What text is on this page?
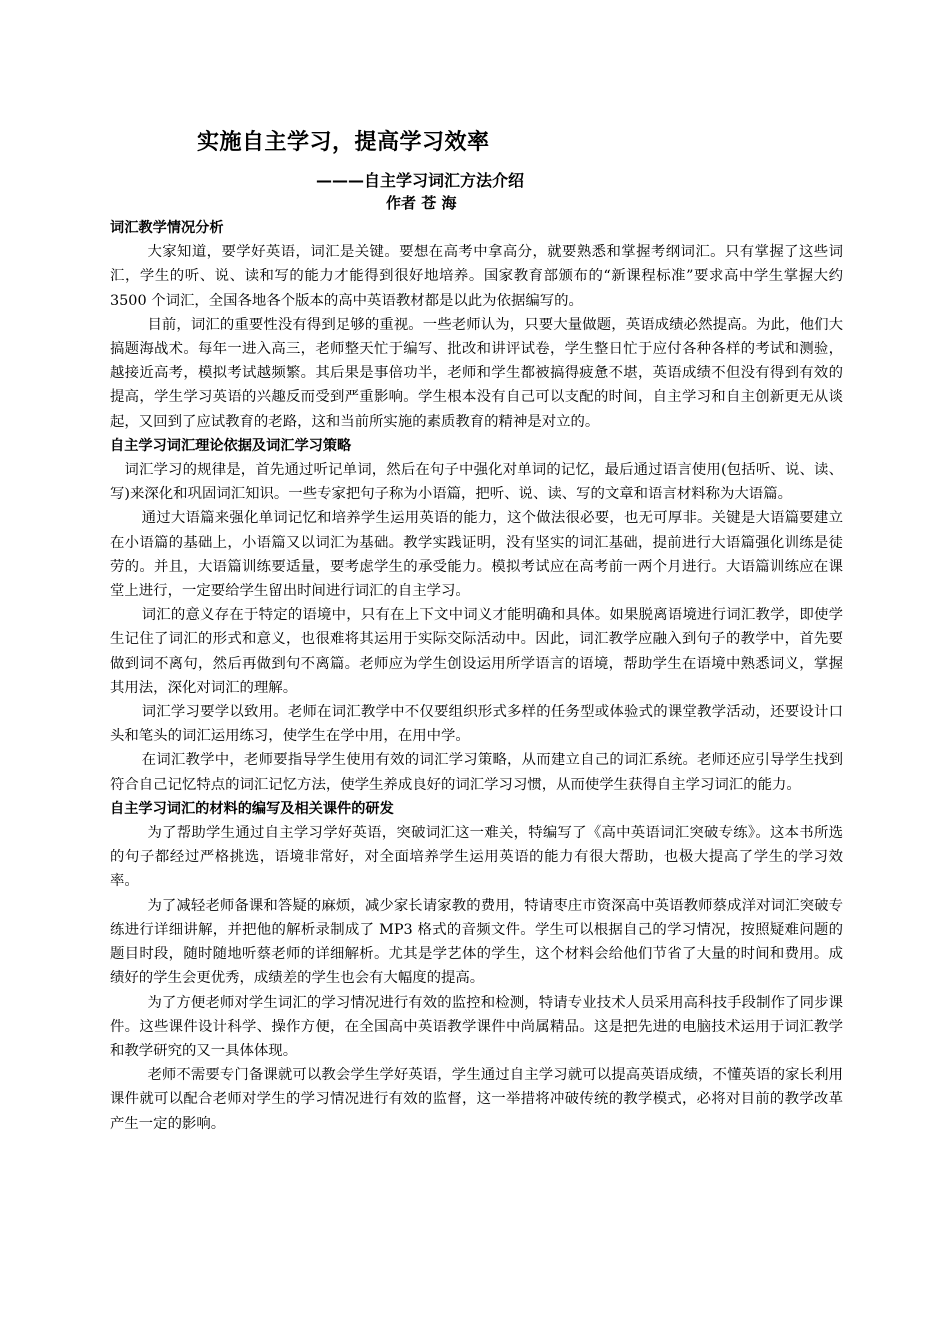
实施自主学习，提高学习效率
———自主学习词汇方法介绍
作者 苍 海
词汇教学情况分析

大家知道，要学好英语，词汇是关键。要想在高考中拿高分，就要熟悉和掌握考纲词汇。只有掌握了这些词汇，学生的听、说、读和写的能力才能得到很好地培养。国家教育部颁布的“新课程标准”要求高中学生掌握大约 3500 个词汇，全国各地各个版本的高中英语教材都是以此为依据编写的。

目前，词汇的重要性没有得到足够的重视。一些老师认为，只要大量做题，英语成绩必然提高。为此，他们大搞题海战术。每年一进入高三，老师整天忙于编写、批改和讲评试卷，学生整日忙于应付各种各样的考试和测验，越接近高考，模拟考试越频繁。其后果是事倍功半，老师和学生都被搞得疲惫不堪，英语成绩不但没有得到有效的提高，学生学习英语的兴趣反而受到严重影响。学生根本没有自己可以支配的时间，自主学习和自主创新更无从谈起，又回到了应试教育的老路，这和当前所实施的素质教育的精神是对立的。

自主学习词汇理论依据及词汇学习策略

词汇学习的规律是，首先通过听记单词，然后在句子中强化对单词的记忆，最后通过语言使用(包括听、说、读、写)来深化和巩固词汇知识。一些专家把句子称为小语篇，把听、说、读、写的文章和语言材料称为大语篇。

通过大语篇来强化单词记忆和培养学生运用英语的能力，这个做法很必要，也无可厚非。关键是大语篇要建立在小语篇的基础上，小语篇又以词汇为基础。教学实践证明，没有坚实的词汇基础，提前进行大语篇强化训练是徒劳的。并且，大语篇训练要适量，要考虑学生的承受能力。模拟考试应在高考前一两个月进行。大语篇训练应在课堂上进行，一定要给学生留出时间进行词汇的自主学习。

词汇的意义存在于特定的语境中，只有在上下文中词义才能明确和具体。如果脱离语境进行词汇教学，即使学生记住了词汇的形式和意义，也很难将其运用于实际交际活动中。因此，词汇教学应融入到句子的教学中，首先要做到词不离句，然后再做到句不离篇。老师应为学生创设运用所学语言的语境，帮助学生在语境中熟悉词义，掌握其用法，深化对词汇的理解。

词汇学习要学以致用。老师在词汇教学中不仅要组织形式多样的任务型或体验式的课堂教学活动，还要设计口头和笔头的词汇运用练习，使学生在学中用，在用中学。

在词汇教学中，老师要指导学生使用有效的词汇学习策略，从而建立自己的词汇系统。老师还应引导学生找到符合自己记忆特点的词汇记忆方法，使学生养成良好的词汇学习习惯，从而使学生获得自主学习词汇的能力。

自主学习词汇的材料的编写及相关课件的研发

为了帮助学生通过自主学习学好英语，突破词汇这一难关，特编写了《高中英语词汇突破专练》。这本书所选的句子都经过严格挑选，语境非常好，对全面培养学生运用英语的能力有很大帮助，也极大提高了学生的学习效率。

为了减轻老师备课和答疑的麻烦，减少家长请家教的费用，特请枣庄市资深高中英语教师蔡成洋对词汇突破专练进行详细讲解，并把他的解析录制成了 MP3 格式的音频文件。学生可以根据自己的学习情况，按照疑难问题的题目时段，随时随地听蔡老师的详细解析。尤其是学艺体的学生，这个材料会给他们节省了大量的时间和费用。成绩好的学生会更优秀，成绩差的学生也会有大幅度的提高。

为了方便老师对学生词汇的学习情况进行有效的监控和检测，特请专业技术人员采用高科技手段制作了同步课件。这些课件设计科学、操作方便，在全国高中英语教学课件中尚属精品。这是把先进的电脑技术运用于词汇教学和教学研究的又一具体体现。

老师不需要专门备课就可以教会学生学好英语，学生通过自主学习就可以提高英语成绩，不懂英语的家长利用课件就可以配合老师对学生的学习情况进行有效的监督，这一举措将冲破传统的教学模式，必将对目前的教学改革产生一定的影响。
